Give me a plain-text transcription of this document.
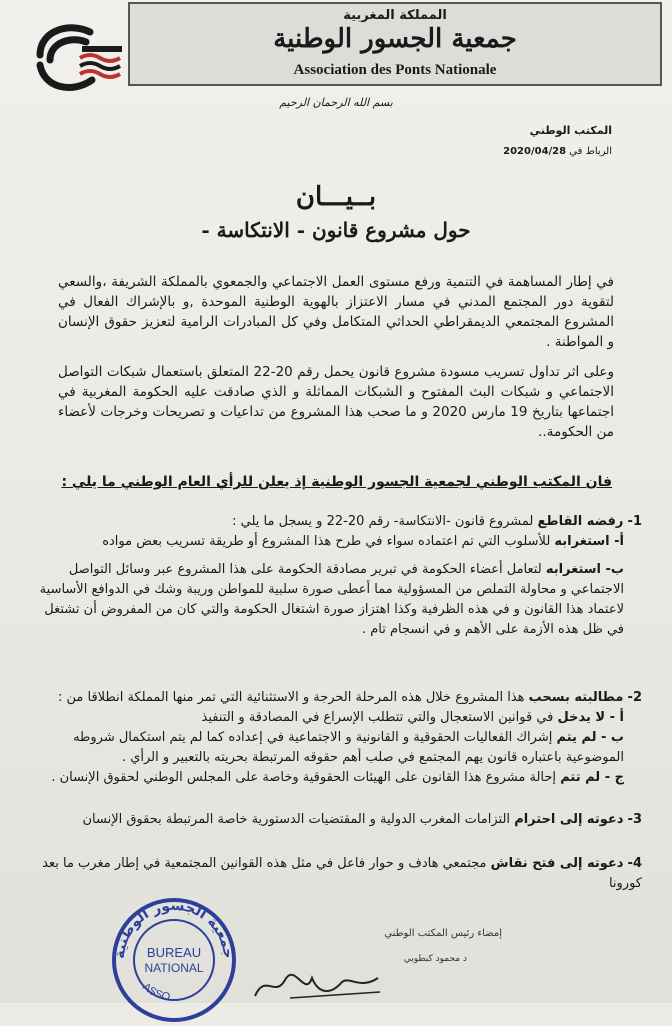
المملكة المغربية
جمعية الجسور الوطنية
Association des Ponts Nationale
بسم الله الرحمان الرحيم
المكتب الوطني
الرباط في 2020/04/28
بــيـــان
حول مشروع قانون - الانتكاسة -
في إطار المساهمة في التنمية ورفع مستوى العمل الاجتماعي والجمعوي بالمملكة الشريفة ،والسعي لتقوية دور المجتمع المدني في مسار الاعتزاز بالهوية الوطنية الموحدة ,و بالإشراك الفعال في المشروع المجتمعي الديمقراطي الحداثي المتكامل وفي كل المبادرات الرامية لتعزيز حقوق الإنسان و المواطنة .
وعلى اثر تداول تسريب مسودة مشروع قانون يحمل رقم 20-22 المتعلق باستعمال شبكات التواصل الاجتماعي و شبكات البث المفتوح و الشبكات المماثلة و الذي صادقت عليه الحكومة المغربية في اجتماعها بتاريخ 19 مارس 2020 و ما صحب هذا المشروع من تداعيات و تصريحات وخرجات لأعضاء من الحكومة..
فان المكتب الوطني لجمعية الجسور الوطنية إذ يعلن للرأي العام الوطني ما يلي :
1- رفضه القاطع لمشروع قانون -الانتكاسة- رقم 20-22 و يسجل ما يلي :
أ- استغرابه للأسلوب التي تم اعتماده سواء في طرح هذا المشروع أو طريقة تسريب بعض مواده
ب- استغرابه لتعامل أعضاء الحكومة في تبرير مصادقة الحكومة على هذا المشروع عبر وسائل التواصل الاجتماعي و محاولة التملص من المسؤولية مما أعطى صورة سلبية للمواطن وريبة وشك في الدوافع الأساسية لاعتماد هذا القانون و في هذه الظرفية وكذا اهتزاز صورة اشتغال الحكومة والتي كان من المفروض أن تشتغل في ظل هذه الأزمة على الأهم و في انسجام تام .
2- مطالبته بسحب هذا المشروع خلال هذه المرحلة الحرجة و الاستثنائية التي تمر منها المملكة انطلاقا من :
أ - لا يدخل في قوانين الاستعجال والتي تتطلب الإسراع في المصادقة و التنفيذ
ب - لم يتم إشراك الفعاليات الحقوقية و القانونية و الاجتماعية في إعداده كما لم يتم استكمال شروطه الموضوعية باعتباره قانون يهم المجتمع في صلب أهم حقوقه المرتبطة بحريته بالتعبير و الرأي .
ج - لم تتم إحالة مشروع هذا القانون على الهيئات الحقوقية وخاصة على المجلس الوطني لحقوق الإنسان .
3- دعوته إلى احترام التزامات المغرب الدولية و المقتضيات الدستورية خاصة المرتبطة بحقوق الإنسان
4- دعوته إلى فتح نقاش مجتمعي هادف و حوار فاعل في مثل هذه القوانين المجتمعية في إطار مغرب ما بعد كورونا
إمضاء رئيس المكتب الوطني
د محمود كبطوبي
جمعية الجسور الوطنية
BUREAU
NATIONAL
ASSO...
